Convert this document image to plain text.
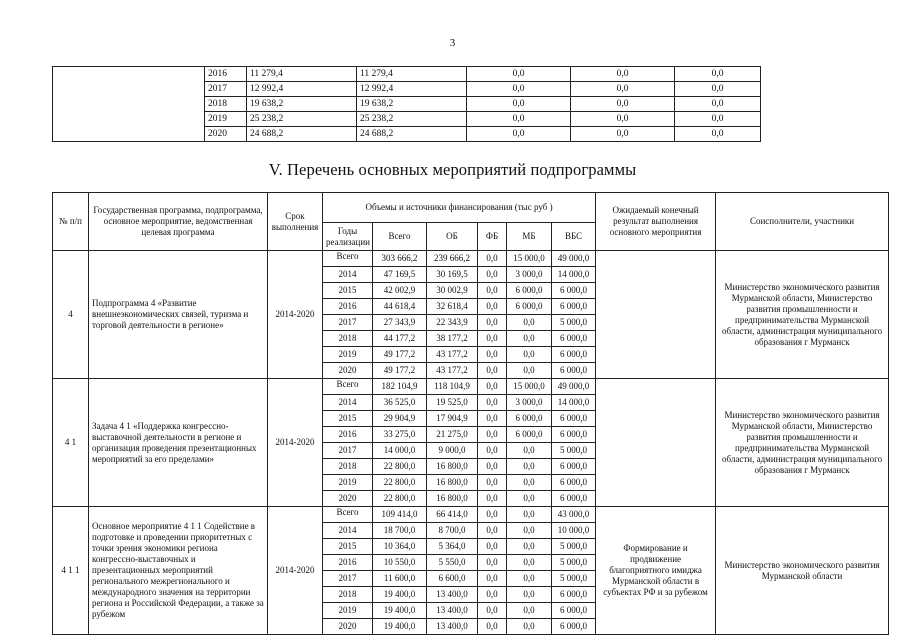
3
	2016	11 279,4	11 279,4	0,0	0,0	0,0
	2017	12 992,4	12 992,4	0,0	0,0	0,0
	2018	19 638,2	19 638,2	0,0	0,0	0,0
	2019	25 238,2	25 238,2	0,0	0,0	0,0
	2020	24 688,2	24 688,2	0,0	0,0	0,0
V. Перечень основных мероприятий подпрограммы
№ п/п	Государственная программа, подпрограмма, основное мероприятие, ведомственная целевая программа	Срок выполнения	Объемы и источники финансирования (тыс руб )						Ожидаемый конечный результат выполнения основного мероприятия	Соисполнители, участники
			Годы реализации	Всего	ОБ	ФБ	МБ	ВБС		
4	Подпрограмма 4 «Развитие внешнеэкономических связей, туризма и торговой деятельности в регионе»	2014-2020	Всего	303 666,2	239 666,2	0,0	15 000,0	49 000,0		Министерство экономического развития Мурманской области, Министерство развития промышленности и предпринимательства Мурманской области, администрация муниципального образования г Мурманск
			2014	47 169,5	30 169,5	0,0	3 000,0	14 000,0		
			2015	42 002,9	30 002,9	0,0	6 000,0	6 000,0		
			2016	44 618,4	32 618,4	0,0	6 000,0	6 000,0		
			2017	27 343,9	22 343,9	0,0	0,0	5 000,0		
			2018	44 177,2	38 177,2	0,0	0,0	6 000,0		
			2019	49 177,2	43 177,2	0,0	0,0	6 000,0		
			2020	49 177,2	43 177,2	0,0	0,0	6 000,0		
4 1	Задача 4 1 «Поддержка конгрессно-выставочной деятельности в регионе и организация проведения презентационных мероприятий за его пределами»	2014-2020	Всего	182 104,9	118 104,9	0,0	15 000,0	49 000,0		Министерство экономического развития Мурманской области, Министерство развития промышленности и предпринимательства Мурманской области, администрация муниципального образования г Мурманск
			2014	36 525,0	19 525,0	0,0	3 000,0	14 000,0		
			2015	29 904,9	17 904,9	0,0	6 000,0	6 000,0		
			2016	33 275,0	21 275,0	0,0	6 000,0	6 000,0		
			2017	14 000,0	9 000,0	0,0	0,0	5 000,0		
			2018	22 800,0	16 800,0	0,0	0,0	6 000,0		
			2019	22 800,0	16 800,0	0,0	0,0	6 000,0		
			2020	22 800,0	16 800,0	0,0	0,0	6 000,0		
4 1 1	Основное мероприятие 4 1 1 Содействие в подготовке и проведении приоритетных с точки зрения экономики региона конгрессно-выставочных и презентационных мероприятий регионального межрегионального и международного значения на территории региона и Российской Федерации, а также за рубежом	2014-2020	Всего	109 414,0	66 414,0	0,0	0,0	43 000,0	Формирование и продвижение благоприятного имиджа Мурманской области в субъектах РФ и за рубежом	Министерство экономического развития Мурманской области
			2014	18 700,0	8 700,0	0,0	0,0	10 000,0		
			2015	10 364,0	5 364,0	0,0	0,0	5 000,0		
			2016	10 550,0	5 550,0	0,0	0,0	5 000,0		
			2017	11 600,0	6 600,0	0,0	0,0	5 000,0		
			2018	19 400,0	13 400,0	0,0	0,0	6 000,0		
			2019	19 400,0	13 400,0	0,0	0,0	6 000,0		
			2020	19 400,0	13 400,0	0,0	0,0	6 000,0		
